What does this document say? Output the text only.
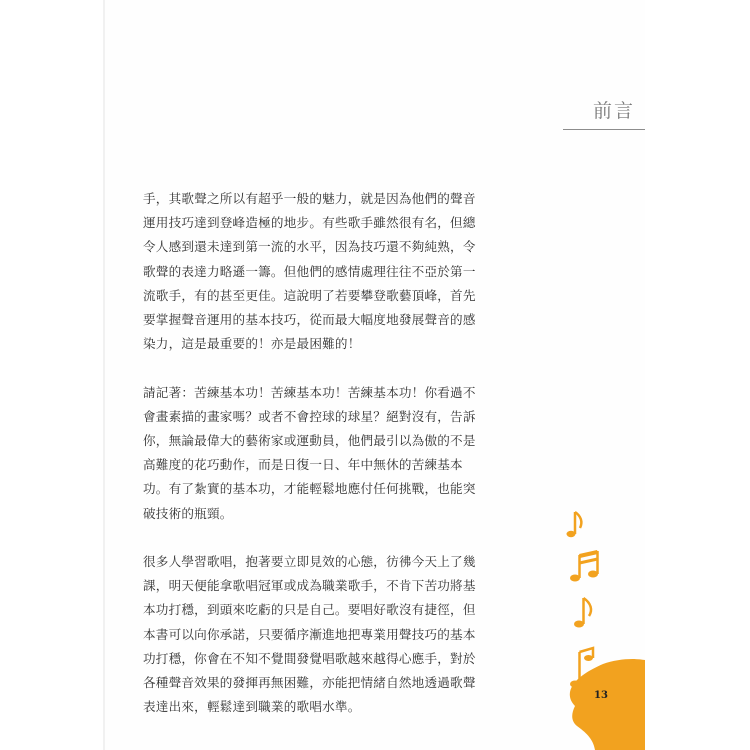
前言

手，其歌聲之所以有超乎一般的魅力，就是因為他們的聲音
運用技巧達到登峰造極的地步。有些歌手雖然很有名，但總
令人感到還未達到第一流的水平，因為技巧還不夠純熟，令
歌聲的表達力略遜一籌。但他們的感情處理往往不亞於第一
流歌手，有的甚至更佳。這說明了若要攀登歌藝頂峰，首先
要掌握聲音運用的基本技巧，從而最大幅度地發展聲音的感
染力，這是最重要的！亦是最困難的！

請記著：苦練基本功！苦練基本功！苦練基本功！你看過不
會畫素描的畫家嗎？或者不會控球的球星？絕對沒有，告訴
你，無論最偉大的藝術家或運動員，他們最引以為傲的不是
高難度的花巧動作，而是日復一日、年中無休的苦練基本
功。有了紮實的基本功，才能輕鬆地應付任何挑戰，也能突
破技術的瓶頸。

很多人學習歌唱，抱著要立即見效的心態，彷彿今天上了幾
課，明天便能拿歌唱冠軍或成為職業歌手，不肯下苦功將基
本功打穩，到頭來吃虧的只是自己。要唱好歌沒有捷徑，但
本書可以向你承諾，只要循序漸進地把專業用聲技巧的基本
功打穩，你會在不知不覺間發覺唱歌越來越得心應手，對於
各種聲音效果的發揮再無困難，亦能把情緒自然地透過歌聲
表達出來，輕鬆達到職業的歌唱水準。

13
